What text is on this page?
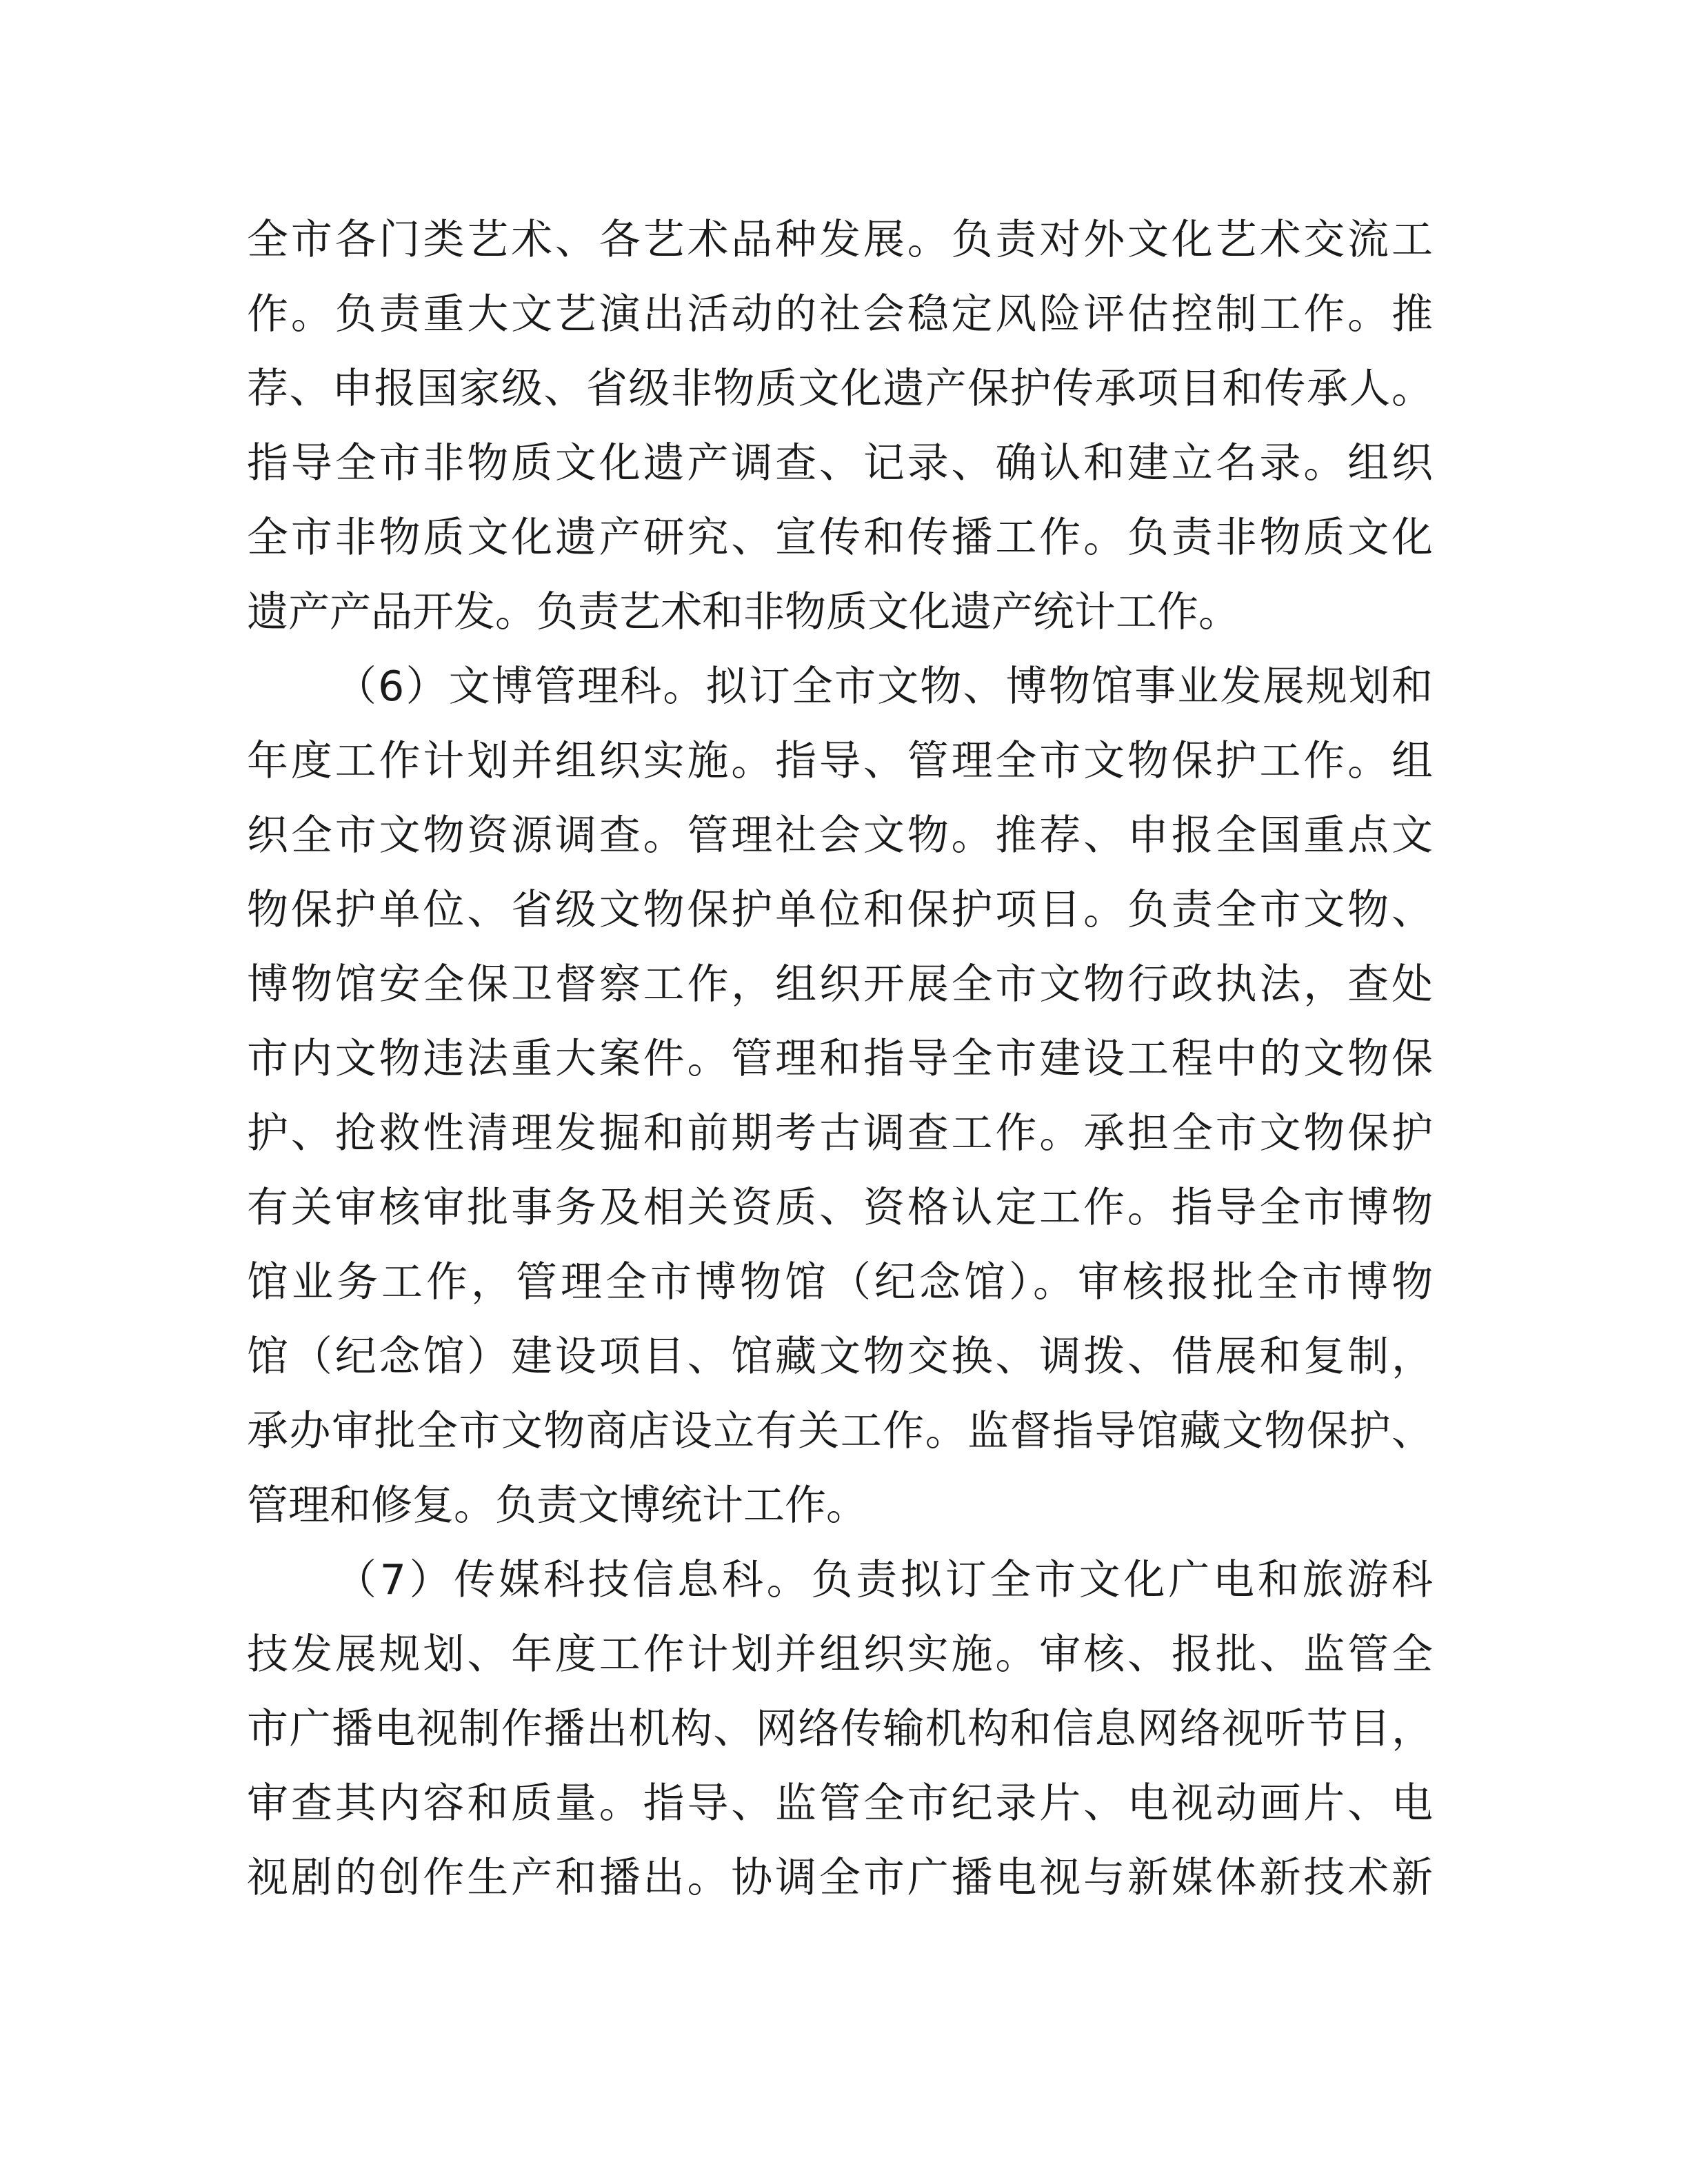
全市各门类艺术、各艺术品种发展。负责对外文化艺术交流工
作。负责重大文艺演出活动的社会稳定风险评估控制工作。推
荐、申报国家级、省级非物质文化遗产保护传承项目和传承人。
指导全市非物质文化遗产调查、记录、确认和建立名录。组织
全市非物质文化遗产研究、宣传和传播工作。负责非物质文化
遗产产品开发。负责艺术和非物质文化遗产统计工作。
（6）文博管理科。拟订全市文物、博物馆事业发展规划和
年度工作计划并组织实施。指导、管理全市文物保护工作。组
织全市文物资源调查。管理社会文物。推荐、申报全国重点文
物保护单位、省级文物保护单位和保护项目。负责全市文物、
博物馆安全保卫督察工作，组织开展全市文物行政执法，查处
市内文物违法重大案件。管理和指导全市建设工程中的文物保
护、抢救性清理发掘和前期考古调查工作。承担全市文物保护
有关审核审批事务及相关资质、资格认定工作。指导全市博物
馆业务工作，管理全市博物馆（纪念馆）。审核报批全市博物
馆（纪念馆）建设项目、馆藏文物交换、调拨、借展和复制，
承办审批全市文物商店设立有关工作。监督指导馆藏文物保护、
管理和修复。负责文博统计工作。
（7）传媒科技信息科。负责拟订全市文化广电和旅游科
技发展规划、年度工作计划并组织实施。审核、报批、监管全
市广播电视制作播出机构、网络传输机构和信息网络视听节目，
审查其内容和质量。指导、监管全市纪录片、电视动画片、电
视剧的创作生产和播出。协调全市广播电视与新媒体新技术新
